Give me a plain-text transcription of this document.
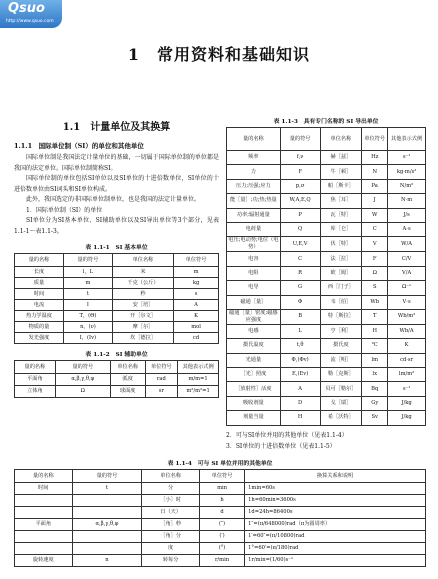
Qsuo
http://www.qsuo.com
1　常用资料和基础知识
1.1　计量单位及其换算
1.1.1　国际单位制（SI）的单位和其他单位

国际单位制是我国法定计量单位的基础，一切属于国际单位制的单位都是我国的法定单位。国际单位制简称SI。

国际单位制的单位包括SI单位以及SI单位的十进倍数单位，SI单位的十进倍数单位由SI词头和SI单位构成。

此外，我国选定的非国际单位制单位，也是我国的法定计量单位。

1．国际单位制（SI）的单位

SI单位分为SI基本单位、SI辅助单位以及SI导出单位等3个部分，见表1.1-1～表1.1-3。

表 1.1-1　SI 基本单位
量的名称	量的符号	单位名称	单位符号
长度	l，L	米	m
质量	m	千克（公斤）	kg
时间	t	秒	s
电流	I	安［培］	A
热力学温度	T，(Θ)	开［尔文］	K
物质的量	n，(ν)	摩［尔］	mol
发光强度	I，(Iv)	坎［德拉］	cd
表 1.1-2　SI 辅助单位
量的名称	量的符号	单位名称	单位符号	其他表示式例
平面角	α,β,γ,θ,φ	弧度	rad	m/m=1
立体角	Ω	球面度	sr	m²/m²=1
表 1.1-3　具有专门名称的 SI 导出单位
量的名称	量的符号	单位名称	单位符号	其他表示式例
频率	f,ν	赫［兹］	Hz	s⁻¹
力	F	牛［顿］	N	kg·m/s²
压力;压强;应力	p,σ	帕［斯卡］	Pa	N/m²
能［量］;功;热;热量	W,A,E,Q	焦［耳］	J	N·m
功率;辐射通量	P	瓦［特］	W	J/s
电荷量	Q	库［仑］	C	A·s
电压;电动势;电位（电势）	U,E,V	伏［特］	V	W/A
电容	C	法［拉］	F	C/V
电阻	R	欧［姆］	Ω	V/A
电导	G	西［门子］	S	Ω⁻¹
磁通［量］	Φ	韦［伯］	Wb	V·s
磁通［量］密度;磁感应强度	B	特［斯拉］	T	Wb/m²
电感	L	亨［利］	H	Wb/A
摄氏温度	t,θ	摄氏度	℃	K
光通量	Φ,(Φv)	流［明］	lm	cd·sr
［光］照度	E,(Ev)	勒［克斯］	lx	lm/m²
［放射性］活度	A	贝可［勒尔］	Bq	s⁻¹
吸收剂量	D	戈［瑞］	Gy	J/kg
剂量当量	H	希［沃特］	Sv	J/kg
2．可与SI单位并用的其他单位（见表1.1-4）
3．SI单位的十进倍数单位（见表1.1-5）
表 1.1-4　可与 SI 单位并用的其他单位
量的名称	量的符号	单位名称	单位符号	换算关系和说明
时间	t	分	min	1min=60s
		［小］时	h	1h=60min=3600s
		日（天）	d	1d=24h=86400s
平面角	α,β,γ,θ,φ	［角］秒	(″)	1″=(π/648000)rad（π为圆周率）
		［角］分	(′)	1′=60″=(π/10800)rad
		度	(°)	1°=60′=(π/180)rad
旋转速度	n	转每分	r/min	1r/min=(1/60)s⁻¹
